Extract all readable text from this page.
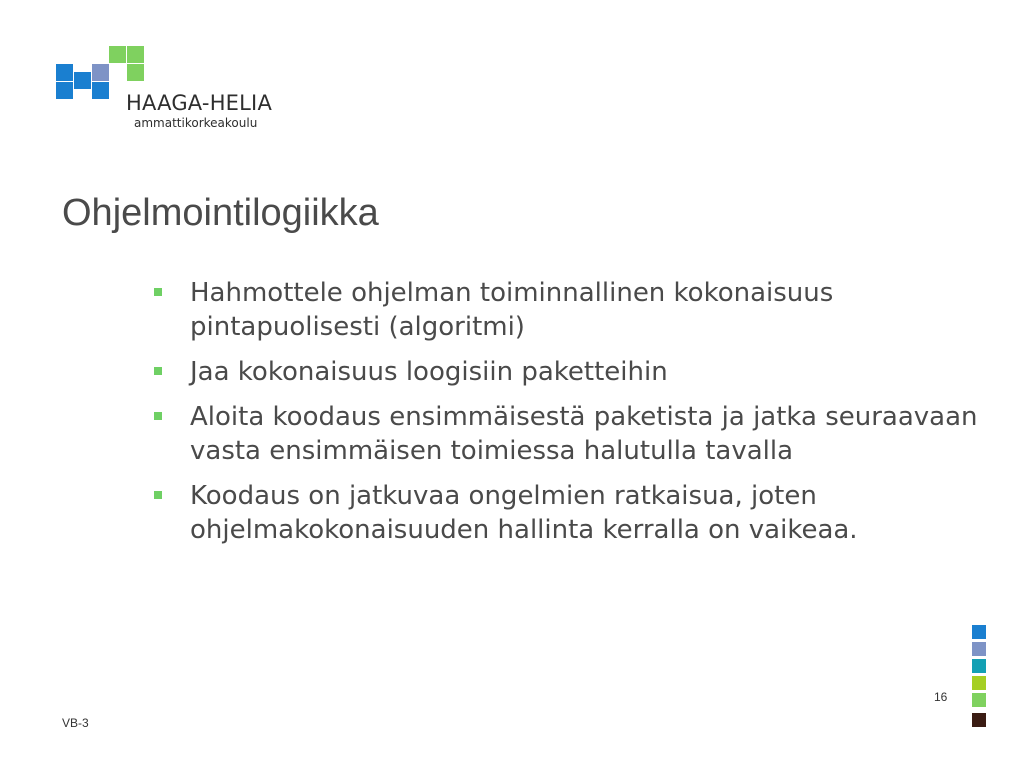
HAAGA-HELIA
ammattikorkeakoulu
Ohjelmointilogiikka
Hahmottele ohjelman toiminnallinen kokonaisuus pintapuolisesti (algoritmi)
Jaa kokonaisuus loogisiin paketteihin
Aloita koodaus ensimmäisestä paketista ja jatka seuraavaan vasta ensimmäisen toimiessa halutulla tavalla
Koodaus on jatkuvaa ongelmien ratkaisua, joten ohjelmakokonaisuuden hallinta kerralla on vaikeaa.
16
VB-3
